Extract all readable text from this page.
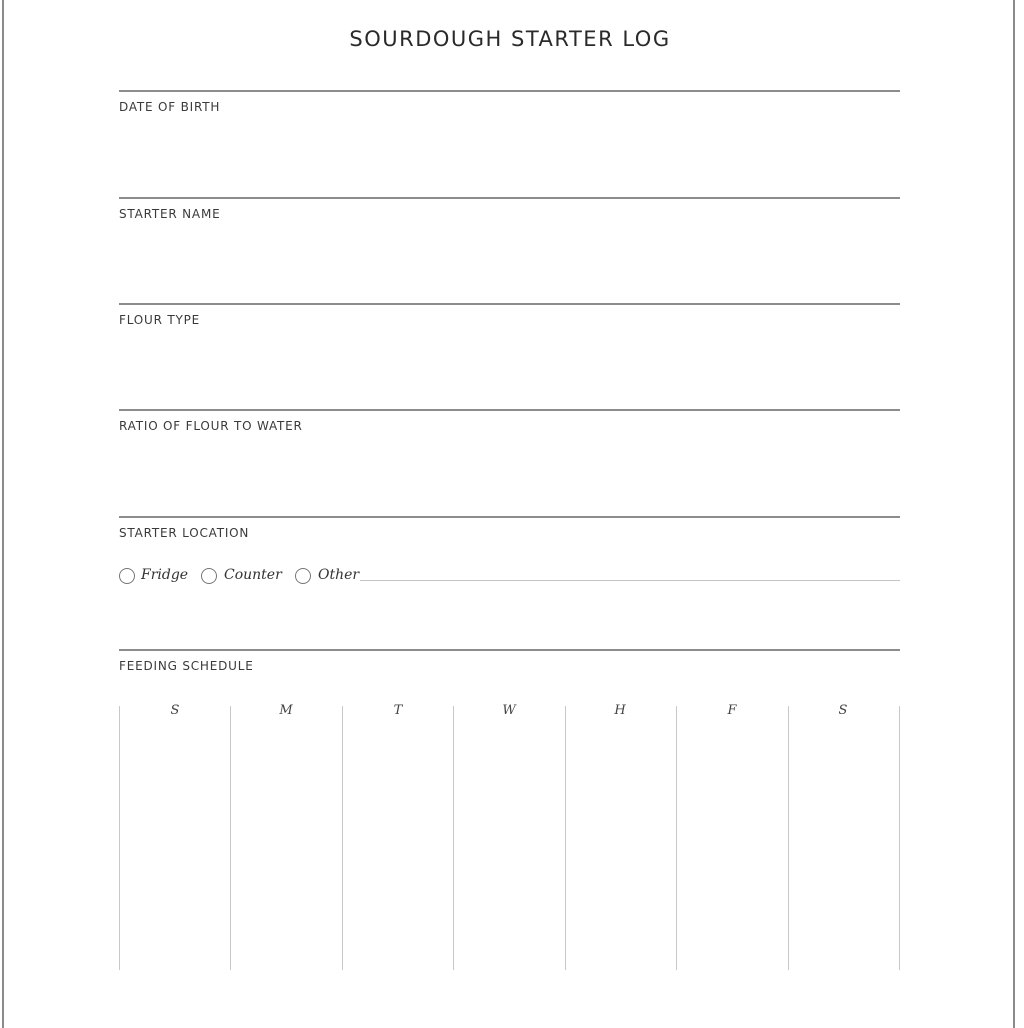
SOURDOUGH STARTER LOG
DATE OF BIRTH
STARTER NAME
FLOUR TYPE
RATIO OF FLOUR TO WATER
STARTER LOCATION
Fridge	Counter	Other
FEEDING SCHEDULE
S	M	T	W	H	F	S
